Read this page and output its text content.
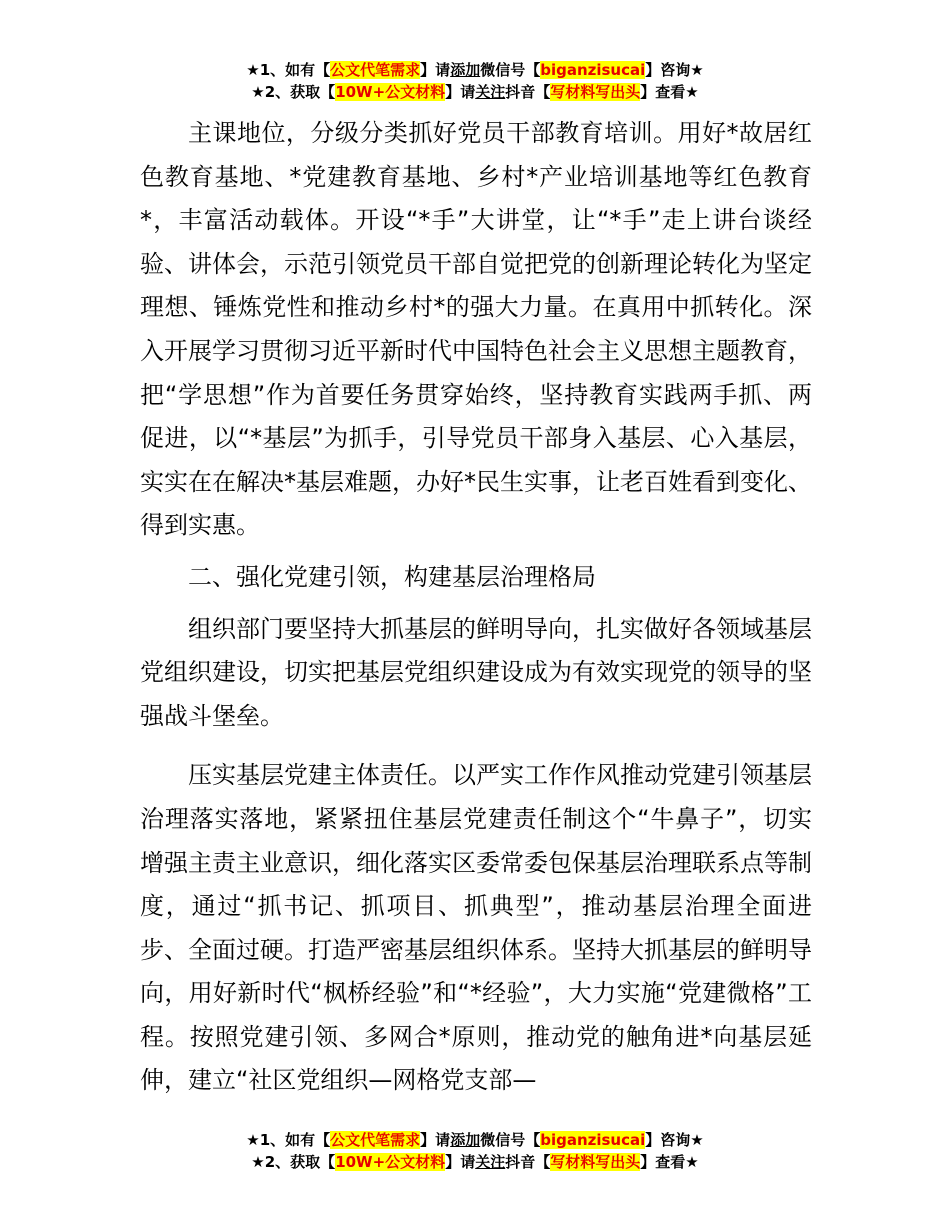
★1、如有【公文代笔需求】请添加微信号【biganzisucai】咨询★
★2、获取【10W+公文材料】请关注抖音【写材料写出头】查看★

主课地位，分级分类抓好党员干部教育培训。用好*故居红色教育基地、*党建教育基地、乡村*产业培训基地等红色教育*，丰富活动载体。开设“*手”大讲堂，让“*手”走上讲台谈经验、讲体会，示范引领党员干部自觉把党的创新理论转化为坚定理想、锤炼党性和推动乡村*的强大力量。在真用中抓转化。深入开展学习贯彻习近平新时代中国特色社会主义思想主题教育，把“学思想”作为首要任务贯穿始终，坚持教育实践两手抓、两促进，以“*基层”为抓手，引导党员干部身入基层、心入基层，实实在在解决*基层难题，办好*民生实事，让老百姓看到变化、得到实惠。

二、强化党建引领，构建基层治理格局

组织部门要坚持大抓基层的鲜明导向，扎实做好各领域基层党组织建设，切实把基层党组织建设成为有效实现党的领导的坚强战斗堡垒。

压实基层党建主体责任。以严实工作作风推动党建引领基层治理落实落地，紧紧扭住基层党建责任制这个“牛鼻子”，切实增强主责主业意识，细化落实区委常委包保基层治理联系点等制度，通过“抓书记、抓项目、抓典型”，推动基层治理全面进步、全面过硬。打造严密基层组织体系。坚持大抓基层的鲜明导向，用好新时代“枫桥经验”和“*经验”，大力实施“党建微格”工程。按照党建引领、多网合*原则，推动党的触角进*向基层延伸，建立“社区党组织—网格党支部—

★1、如有【公文代笔需求】请添加微信号【biganzisucai】咨询★
★2、获取【10W+公文材料】请关注抖音【写材料写出头】查看★
